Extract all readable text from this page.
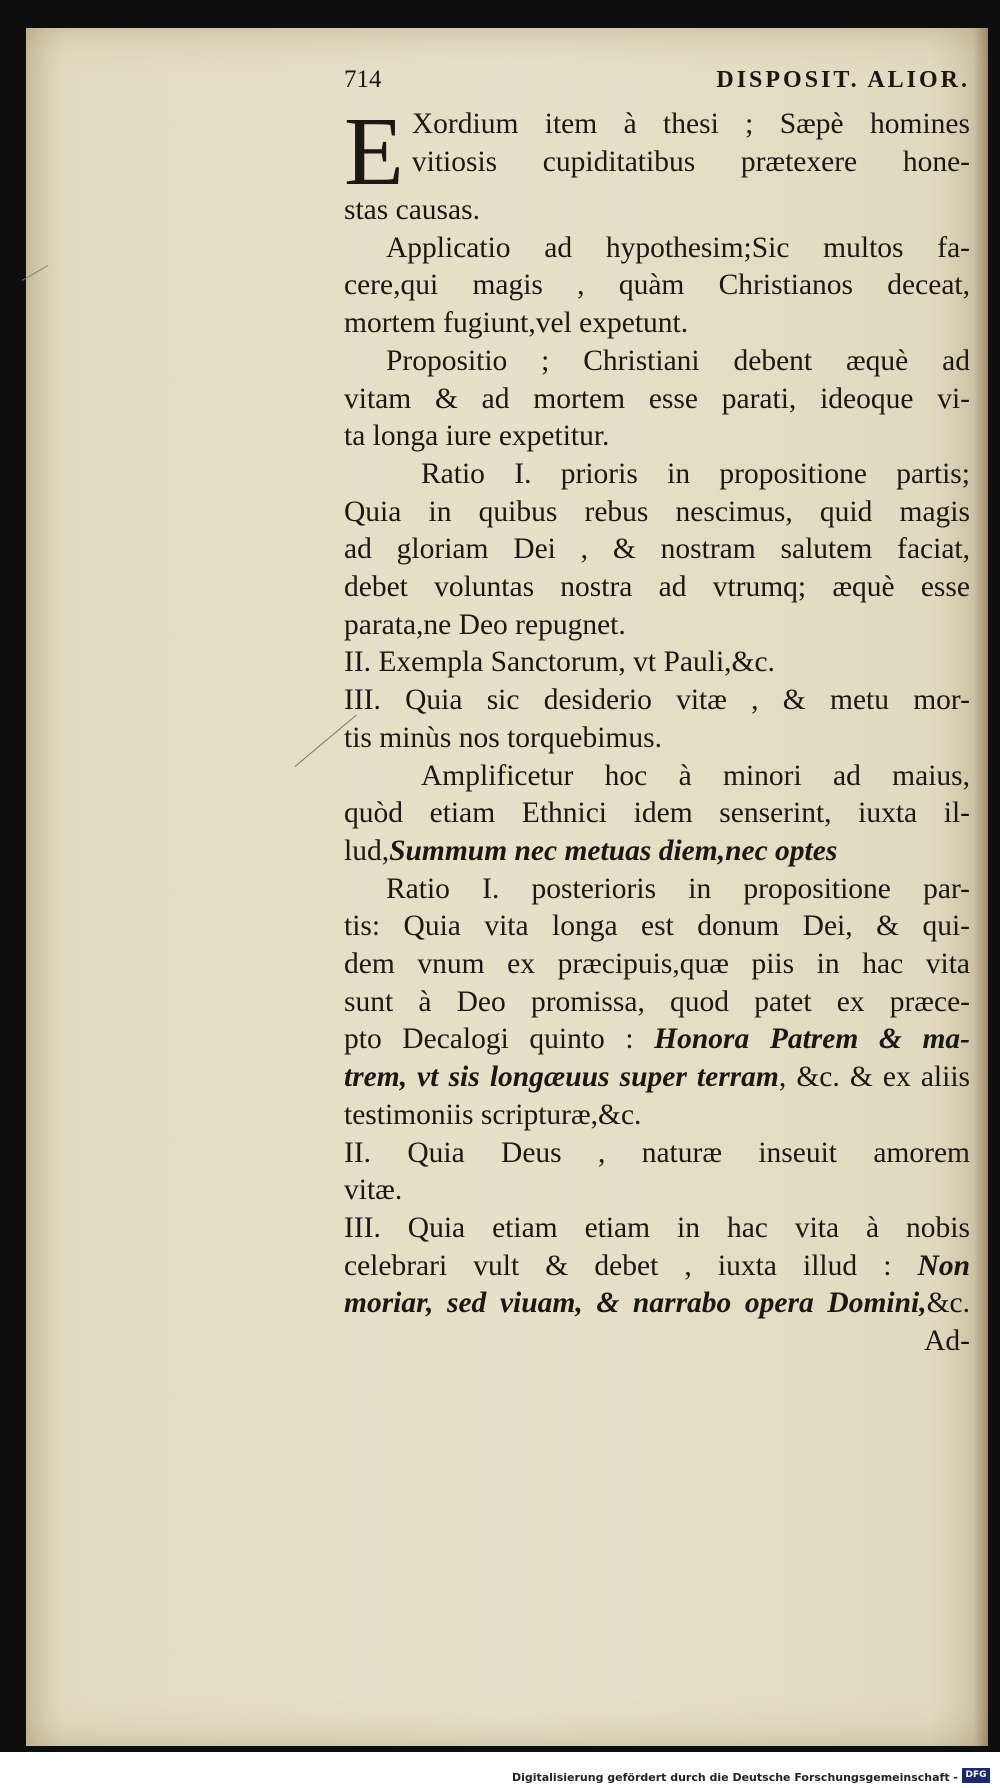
714	DISPOSIT. ALIOR.
E Xordium item à thesi ; Sæpè homines
vitiosis cupiditatibus prætexere hone-
stas causas.
Applicatio ad hypothesim;Sic multos fa-
cere,qui magis , quàm Christianos deceat,
mortem fugiunt,vel expetunt.
Propositio ; Christiani debent æquè ad
vitam & ad mortem esse parati, ideoque vi-
ta longa iure expetitur.
Ratio I. prioris in propositione partis;
Quia in quibus rebus nescimus, quid magis
ad gloriam Dei , & nostram salutem faciat,
debet voluntas nostra ad vtrumq; æquè esse
parata,ne Deo repugnet.
II. Exempla Sanctorum, vt Pauli,&c.
III. Quia sic desiderio vitæ , & metu mor-
tis minùs nos torquebimus.
Amplificetur hoc à minori ad maius,
quòd etiam Ethnici idem senserint, iuxta il-
lud,Summum nec metuas diem,nec optes
Ratio I. posterioris in propositione par-
tis: Quia vita longa est donum Dei, & qui-
dem vnum ex præcipuis,quæ piis in hac vita
sunt à Deo promissa, quod patet ex præce-
pto Decalogi quinto : Honora Patrem & ma-
trem, vt sis longæuus super terram, &c. & ex aliis
testimoniis scripturæ,&c.
II. Quia Deus , naturæ inseuit amorem
vitæ.
III. Quia etiam etiam in hac vita à nobis
celebrari vult & debet , iuxta illud : Non
moriar, sed viuam, & narrabo opera Domini,&c.
Ad-
Digitalisierung gefördert durch die Deutsche Forschungsgemeinschaft - DFG
